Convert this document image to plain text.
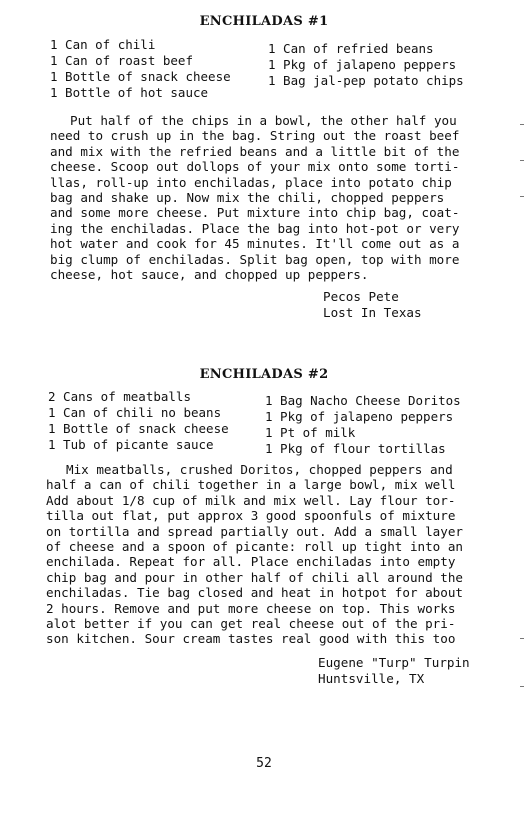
ENCHILADAS #1
1 Can of chili
1 Can of roast beef
1 Bottle of snack cheese
1 Bottle of hot sauce
1 Can of refried beans
1 Pkg of jalapeno peppers
1 Bag jal-pep potato chips
Put half of the chips in a bowl, the other half you
need to crush up in the bag. String out the roast beef
and mix with the refried beans and a little bit of the
cheese. Scoop out dollops of your mix onto some torti-
llas, roll-up into enchiladas, place into potato chip
bag and shake up. Now mix the chili, chopped peppers
and some more cheese. Put mixture into chip bag, coat-
ing the enchiladas. Place the bag into hot-pot or very
hot water and cook for 45 minutes. It'll come out as a
big clump of enchiladas. Split bag open, top with more
cheese, hot sauce, and chopped up peppers.
Pecos Pete
Lost In Texas
ENCHILADAS #2
2 Cans of meatballs
1 Can of chili no beans
1 Bottle of snack cheese
1 Tub of picante sauce
1 Bag Nacho Cheese Doritos
1 Pkg of jalapeno peppers
1 Pt of milk
1 Pkg of flour tortillas
Mix meatballs, crushed Doritos, chopped peppers and
half a can of chili together in a large bowl, mix well
Add about 1/8 cup of milk and mix well. Lay flour tor-
tilla out flat, put approx 3 good spoonfuls of mixture
on tortilla and spread partially out. Add a small layer
of cheese and a spoon of picante: roll up tight into an
enchilada. Repeat for all. Place enchiladas into empty
chip bag and pour in other half of chili all around the
enchiladas. Tie bag closed and heat in hotpot for about
2 hours. Remove and put more cheese on top. This works
alot better if you can get real cheese out of the pri-
son kitchen. Sour cream tastes real good with this too
Eugene "Turp" Turpin
Huntsville, TX
52
